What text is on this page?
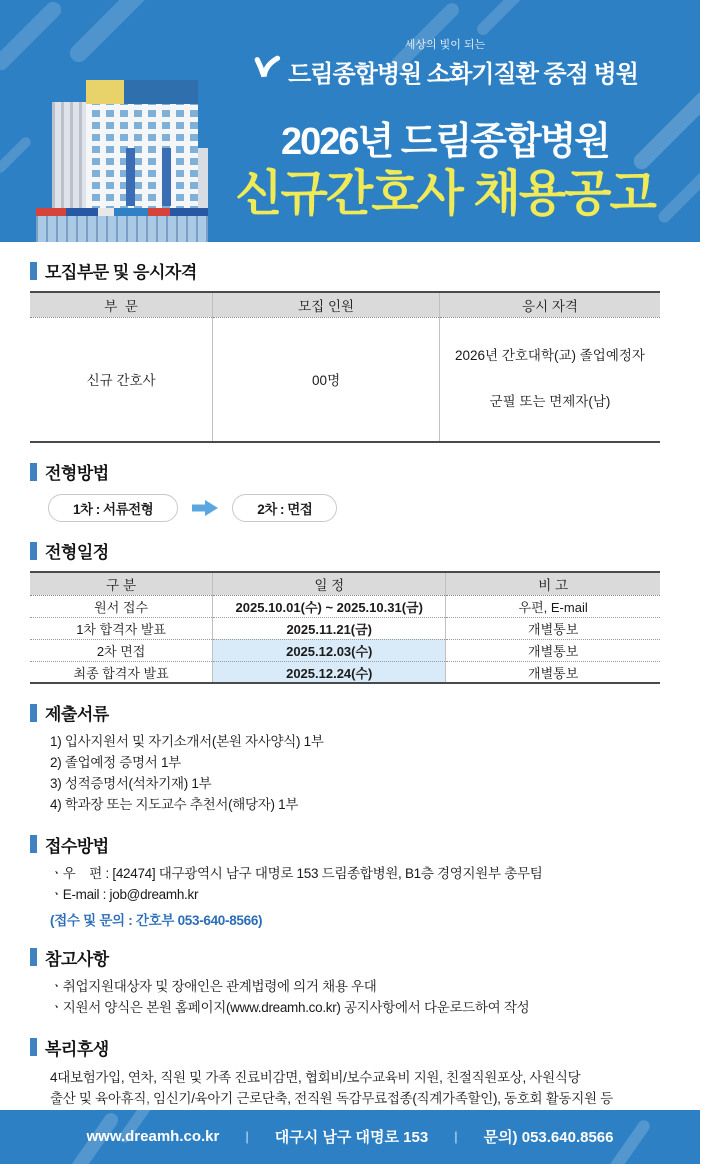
세상의 빛이 되는
드림종합병원 소화기질환 중점 병원
2026년 드림종합병원
신규간호사 채용공고
모집부문 및 응시자격
부  문	모집 인원	응시 자격
신규 간호사	00명	2026년 간호대학(교) 졸업예정자

군필 또는 면제자(남)

전형방법
1차 : 서류전형	2차 : 면접
전형일정
구 분	일 정	비 고
원서 접수	2025.10.01(수) ~ 2025.10.31(금)	우편, E-mail
1차 합격자 발표	2025.11.21(금)	개별통보
2차 면접	2025.12.03(수)	개별통보
최종 합격자 발표	2025.12.24(수)	개별통보
제출서류
1) 입사지원서 및 자기소개서(본원 자사양식) 1부
2) 졸업예정 증명서 1부
3) 성적증명서(석차기재) 1부
4) 학과장 또는 지도교수 추천서(해당자) 1부
접수방법
ㆍ우    편 : [42474] 대구광역시 남구 대명로 153 드림종합병원, B1층 경영지원부 총무팀
ㆍE-mail : job@dreamh.kr
(접수 및 문의 : 간호부 053-640-8566)
참고사항
ㆍ취업지원대상자 및 장애인은 관계법령에 의거 채용 우대
ㆍ지원서 양식은 본원 홈페이지(www.dreamh.co.kr) 공지사항에서 다운로드하여 작성
복리후생
4대보험가입, 연차, 직원 및 가족 진료비감면, 협회비/보수교육비 지원, 친절직원포상, 사원식당
출산 및 육아휴직, 임신기/육아기 근로단축, 전직원 독감무료접종(직계가족할인), 동호회 활동지원 등
www.dreamh.co.kr | 대구시 남구 대명로 153 | 문의) 053.640.8566
